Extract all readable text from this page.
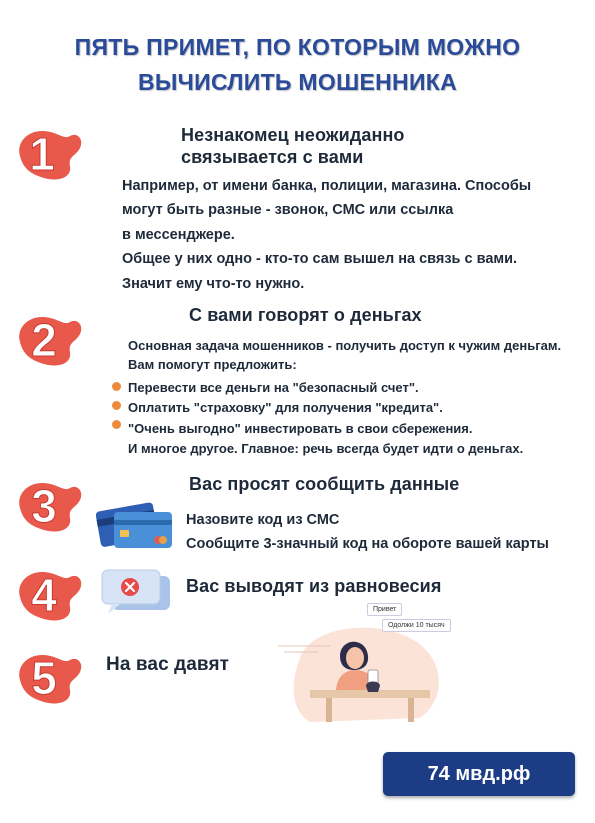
ПЯТЬ ПРИМЕТ, ПО КОТОРЫМ МОЖНО
ВЫЧИСЛИТЬ МОШЕННИКА
1	Незнакомец неожиданно
связывается с вами
Например, от имени банка, полиции, магазина. Способы
могут быть разные - звонок, СМС или ссылка
в мессенджере.
Общее у них одно - кто-то сам вышел на связь с вами.
Значит ему что-то нужно.
2	С вами говорят о деньгах
Основная задача мошенников - получить доступ к чужим деньгам.
Вам помогут предложить:
Перевести все деньги на "безопасный счет".
Оплатить "страховку" для получения "кредита".
"Очень выгодно" инвестировать в свои сбережения.
И многое другое. Главное: речь всегда будет идти о деньгах.
3	Вас просят сообщить данные
Назовите код из СМС
Сообщите 3-значный код на обороте вашей карты
4	Вас выводят из равновесия
5	На вас давят
Привет
Одолжи 10 тысяч
74 мвд.рф
